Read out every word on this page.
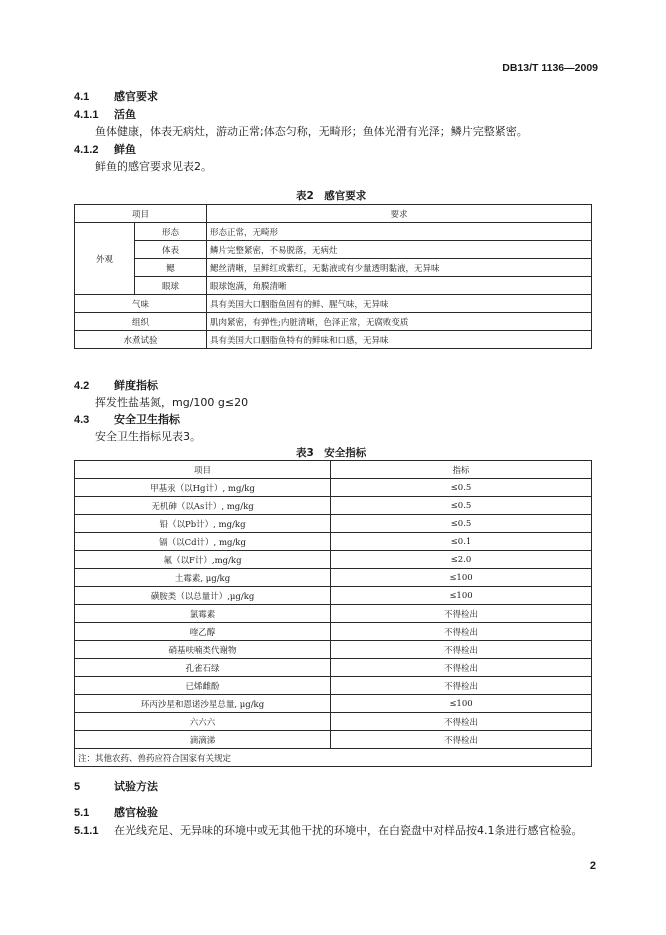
DB13/T 1136—2009
4.1 感官要求
4.1.1 活鱼
鱼体健康，体表无病灶，游动正常;体态匀称，无畸形；鱼体光滑有光泽；鳞片完整紧密。
4.1.2 鲜鱼
鲜鱼的感官要求见表2。
表2　感官要求
项目		要求
外观	形态	形态正常，无畸形
	体表	鳞片完整紧密，不易脱落，无病灶
	鳃	鳃丝清晰，呈鲜红或紫红，无黏液或有少量透明黏液，无异味
	眼球	眼球饱满，角膜清晰
气味		具有美国大口胭脂鱼固有的鲜、腥气味，无异味
组织		肌肉紧密，有弹性;内脏清晰，色泽正常，无腐败变质
水煮试验		具有美国大口胭脂鱼特有的鲜味和口感，无异味
4.2 鲜度指标
挥发性盐基氮，mg/100 g≤20
4.3 安全卫生指标
安全卫生指标见表3。
表3　安全指标
项目	指标
甲基汞（以Hg计）, mg/kg	≤0.5
无机砷（以As计）, mg/kg	≤0.5
铅（以Pb计）, mg/kg	≤0.5
镉（以Cd计）, mg/kg	≤0.1
氟（以F计）,mg/kg	≤2.0
土霉素, μg/kg	≤100
磺胺类（以总量计）,μg/kg	≤100
氯霉素	不得检出
喹乙醇	不得检出
硝基呋喃类代谢物	不得检出
孔雀石绿	不得检出
已烯雌酚	不得检出
环丙沙星和恩诺沙星总量, μg/kg	≤100
六六六	不得检出
滴滴涕	不得检出
注：其他农药、兽药应符合国家有关规定	
5	试验方法
5.1 感官检验
5.1.1 在光线充足、无异味的环境中或无其他干扰的环境中，在白瓷盘中对样品按4.1条进行感官检验。
2
